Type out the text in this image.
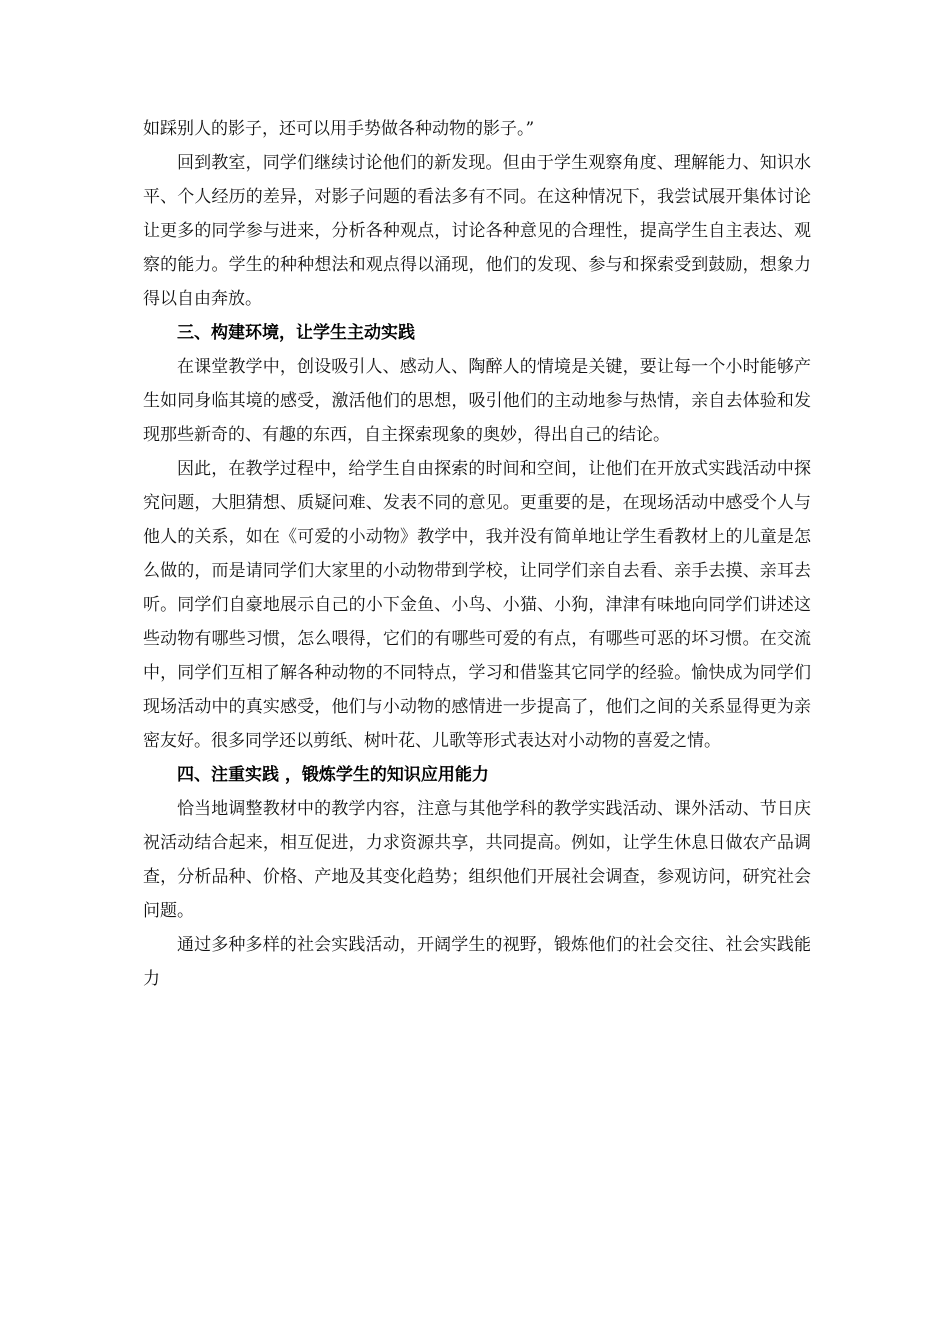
如踩别人的影子，还可以用手势做各种动物的影子。”

回到教室，同学们继续讨论他们的新发现。但由于学生观察角度、理解能力、知识水平、个人经历的差异，对影子问题的看法多有不同。在这种情况下，我尝试展开集体讨论让更多的同学参与进来，分析各种观点，讨论各种意见的合理性，提高学生自主表达、观察的能力。学生的种种想法和观点得以涌现，他们的发现、参与和探索受到鼓励，想象力得以自由奔放。

三、构建环境，让学生主动实践

在课堂教学中，创设吸引人、感动人、陶醉人的情境是关键，要让每一个小时能够产生如同身临其境的感受，激活他们的思想，吸引他们的主动地参与热情，亲自去体验和发现那些新奇的、有趣的东西，自主探索现象的奥妙，得出自己的结论。

因此，在教学过程中，给学生自由探索的时间和空间，让他们在开放式实践活动中探究问题，大胆猜想、质疑问难、发表不同的意见。更重要的是，在现场活动中感受个人与他人的关系，如在《可爱的小动物》教学中，我并没有简单地让学生看教材上的儿童是怎么做的，而是请同学们大家里的小动物带到学校，让同学们亲自去看、亲手去摸、亲耳去听。同学们自豪地展示自己的小下金鱼、小鸟、小猫、小狗，津津有味地向同学们讲述这些动物有哪些习惯，怎么喂得，它们的有哪些可爱的有点，有哪些可恶的坏习惯。在交流中，同学们互相了解各种动物的不同特点，学习和借鉴其它同学的经验。愉快成为同学们现场活动中的真实感受，他们与小动物的感情进一步提高了，他们之间的关系显得更为亲密友好。很多同学还以剪纸、树叶花、儿歌等形式表达对小动物的喜爱之情。

四、注重实践 ，锻炼学生的知识应用能力

恰当地调整教材中的教学内容，注意与其他学科的教学实践活动、课外活动、节日庆祝活动结合起来，相互促进，力求资源共享，共同提高。例如，让学生休息日做农产品调查，分析品种、价格、产地及其变化趋势；组织他们开展社会调查，参观访问，研究社会问题。

通过多种多样的社会实践活动，开阔学生的视野，锻炼他们的社会交往、社会实践能力
